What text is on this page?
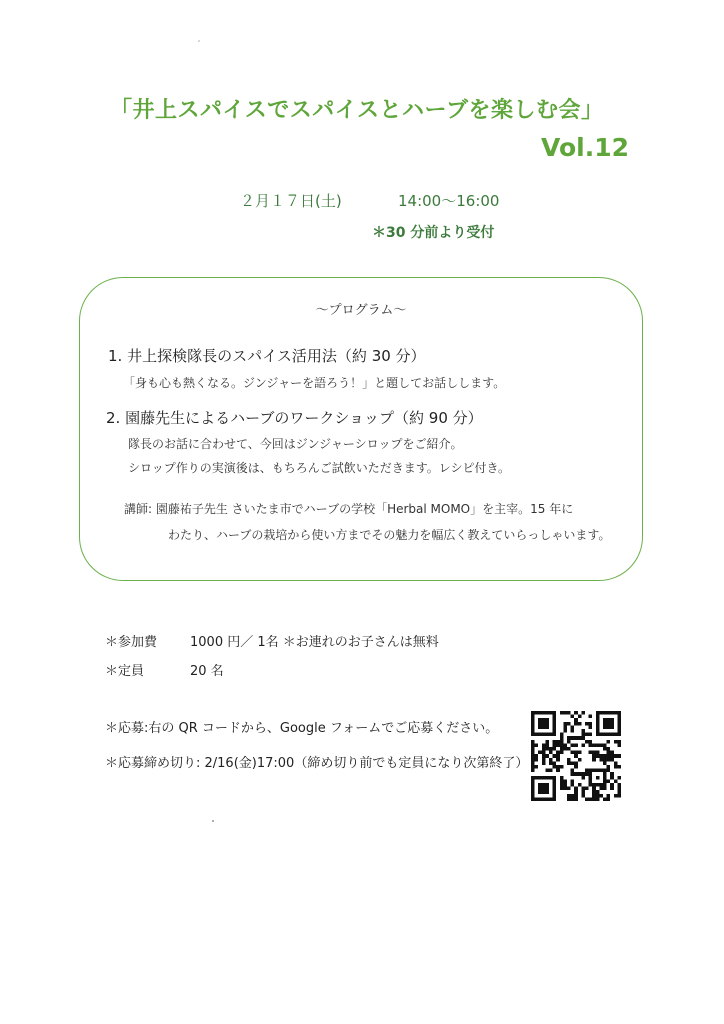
「井上スパイスでスパイスとハーブを楽しむ会」
Vol.12
２月１７日(土)	14:00～16:00
＊30 分前より受付
～プログラム～
1. 井上探検隊長のスパイス活用法（約 30 分）
「身も心も熱くなる。ジンジャーを語ろう！」と題してお話しします。
2. 園藤先生によるハーブのワークショップ（約 90 分）
隊長のお話に合わせて、今回はジンジャーシロップをご紹介。
シロップ作りの実演後は、もちろんご試飲いただきます。レシピ付き。
講師: 園藤祐子先生 さいたま市でハーブの学校「Herbal MOMO」を主宰。15 年に
わたり、ハーブの栽培から使い方までその魅力を幅広く教えていらっしゃいます。
＊参加費	1000 円／ 1名 ＊お連れのお子さんは無料
＊定員	20 名
＊応募:右の QR コードから、Google フォームでご応募ください。
＊応募締め切り: 2/16(金)17:00（締め切り前でも定員になり次第終了）
